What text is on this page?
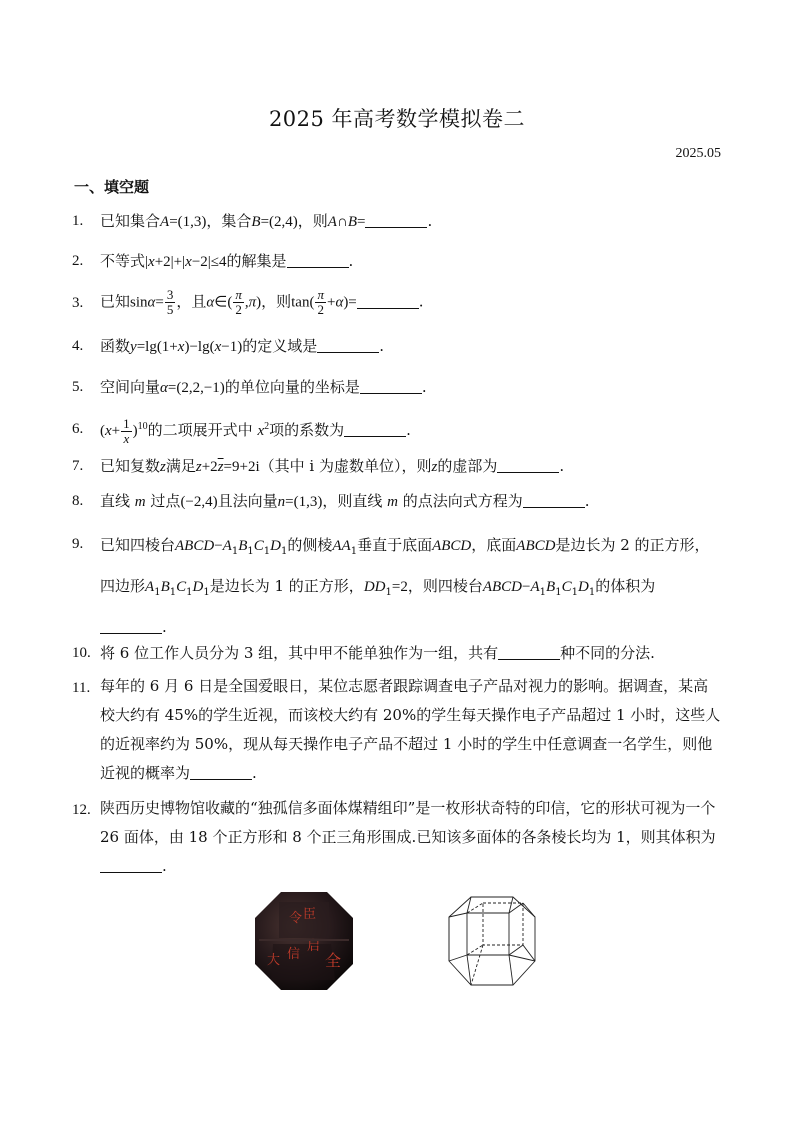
2025 年高考数学模拟卷二
2025.05
一、填空题
1.	已知集合A=(1,3)，集合B=(2,4)，则A∩B=	.
2.	不等式|x+2|+|x−2|≤4的解集是	.
3.	已知$\sin\alpha= \frac{3}{5}$ ，且α∈( $\frac{\pi}{2} ,\pi$)，则$\tan( \frac{\pi}{2} +\alpha)=$	.
4.	函数y=lg(1+x)−lg(x−1)的定义域是	.
5.	空间向量α=(2,2,−1)的单位向量的坐标是	.
6.	$(x+ \frac{1}{x} )^{10}$的二项展开式中 $x^2$项的系数为	.
7.	已知复数z满足$z+2\overline{z}=9+2i$（其中 i 为虚数单位），则z的虚部为	.
8.	直线 m 过点(−2,4)且法向量n=(1,3)，则直线 m 的点法向式方程为	.
9.	已知四棱台$ABCD-A_1B_1C_1D_1$的侧棱$AA_1$垂直于底面ABCD，底面ABCD是边长为 2 的正方形，四边形$A_1B_1C_1D_1$是边长为 1 的正方形，$DD_1=2$，则四棱台$ABCD-A_1B_1C_1D_1$的体积为
.
10. 将 6 位工作人员分为 3 组，其中甲不能单独作为一组，共有	种不同的分法.
11. 每年的 6 月 6 日是全国爱眼日，某位志愿者跟踪调查电子产品对视力的影响。据调查，某高校大约有 45%的学生近视，而该校大约有 20%的学生每天操作电子产品超过 1 小时，这些人的近视率约为 50%，现从每天操作电子产品不超过 1 小时的学生中任意调查一名学生，则他近视的概率为	.
12. 陕西历史博物馆收藏的“独孤信多面体煤精组印”是一枚形状奇特的印信，它的形状可视为一个 26 面体，由 18 个正方形和 8 个正三角形围成.已知该多面体的各条棱长均为 1，则其体积为.
令 臣
大 信 全
启
